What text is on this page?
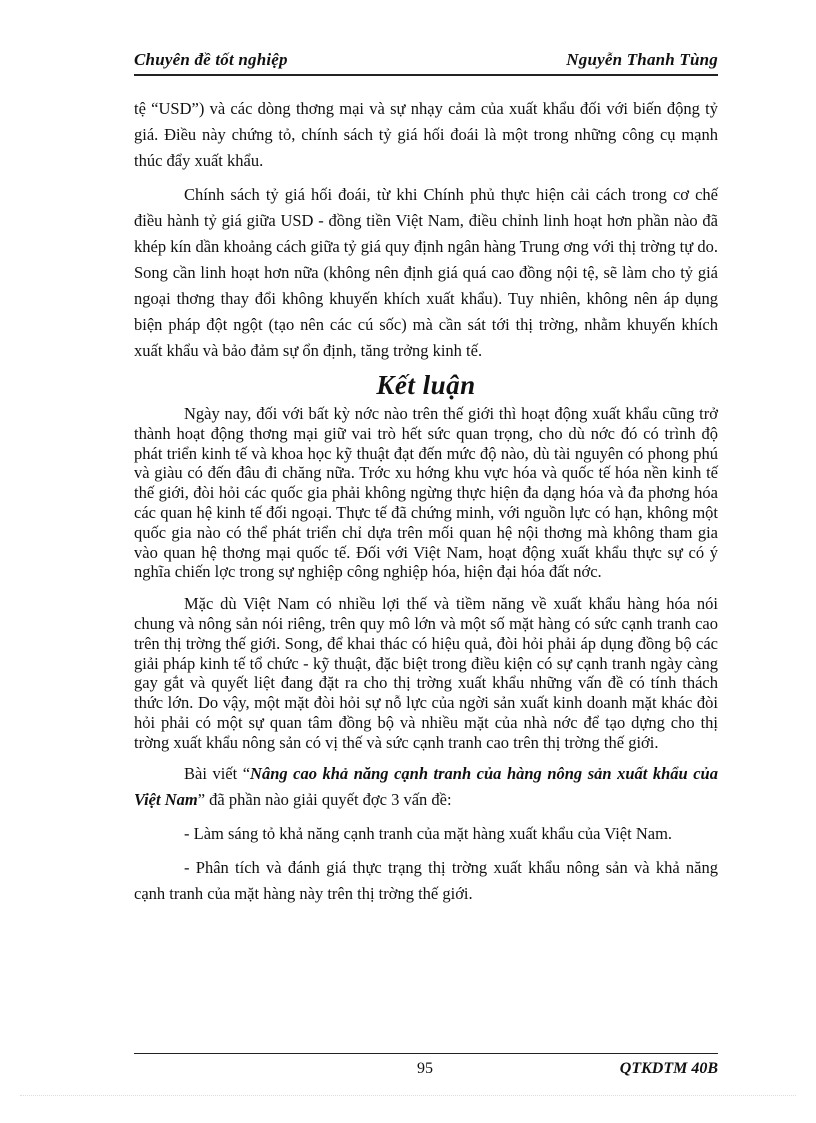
Chuyên đề tốt nghiệp	Nguyễn Thanh Tùng

tệ “USD”) và các dòng thơng mại và sự nhạy cảm của xuất khẩu đối với biến động tỷ giá. Điều này chứng tỏ, chính sách tỷ giá hối đoái là một trong những công cụ mạnh thúc đẩy xuất khẩu.

Chính sách tỷ giá hối đoái, từ khi Chính phủ thực hiện cải cách trong cơ chế điều hành tỷ giá giữa USD - đồng tiền Việt Nam, điều chỉnh linh hoạt hơn phần nào đã khép kín dần khoảng cách giữa tỷ giá quy định ngân hàng Trung ơng với thị trờng tự do. Song cần linh hoạt hơn nữa (không nên định giá quá cao đồng nội tệ, sẽ làm cho tỷ giá ngoại thơng thay đổi không khuyến khích xuất khẩu). Tuy nhiên, không nên áp dụng biện pháp đột ngột (tạo nên các cú sốc) mà cần sát tới thị trờng, nhằm khuyến khích xuất khẩu và bảo đảm sự ổn định, tăng trởng kinh tế.

Kết luận

Ngày nay, đối với bất kỳ nớc nào trên thế giới thì hoạt động xuất khẩu cũng trở thành hoạt động thơng mại giữ vai trò hết sức quan trọng, cho dù nớc đó có trình độ phát triển kinh tế và khoa học kỹ thuật đạt đến mức độ nào, dù tài nguyên có phong phú và giàu có đến đâu đi chăng nữa. Trớc xu hớng khu vực hóa và quốc tế hóa nền kinh tế thế giới, đòi hỏi các quốc gia phải không ngừng thực hiện đa dạng hóa và đa phơng hóa các quan hệ kinh tế đối ngoại. Thực tế đã chứng minh, với nguồn lực có hạn, không một quốc gia nào có thể phát triển chỉ dựa trên mối quan hệ nội thơng mà không tham gia vào quan hệ thơng mại quốc tế. Đối với Việt Nam, hoạt động xuất khẩu thực sự có ý nghĩa chiến lợc trong sự nghiệp công nghiệp hóa, hiện đại hóa đất nớc.

Mặc dù Việt Nam có nhiều lợi thế và tiềm năng về xuất khẩu hàng hóa nói chung và nông sản nói riêng, trên quy mô lớn và một số mặt hàng có sức cạnh tranh cao trên thị trờng thế giới. Song, để khai thác có hiệu quả, đòi hỏi phải áp dụng đồng bộ các giải pháp kinh tế tổ chức - kỹ thuật, đặc biệt trong điều kiện có sự cạnh tranh ngày càng gay gắt và quyết liệt đang đặt ra cho thị trờng xuất khẩu những vấn đề có tính thách thức lớn. Do vậy, một mặt đòi hỏi sự nỗ lực của ngời sản xuất kinh doanh mặt khác đòi hỏi phải có một sự quan tâm đồng bộ và nhiều mặt của nhà nớc để tạo dựng cho thị trờng xuất khẩu nông sản có vị thế và sức cạnh tranh cao trên thị trờng thế giới.

Bài viết “Nâng cao khả năng cạnh tranh của hàng nông sản xuất khẩu của Việt Nam” đã phần nào giải quyết đợc 3 vấn đề:

- Làm sáng tỏ khả năng cạnh tranh của mặt hàng xuất khẩu của Việt Nam.

- Phân tích và đánh giá thực trạng thị trờng xuất khẩu nông sản và khả năng cạnh tranh của mặt hàng này trên thị trờng thế giới.

95	QTKDTM 40B
